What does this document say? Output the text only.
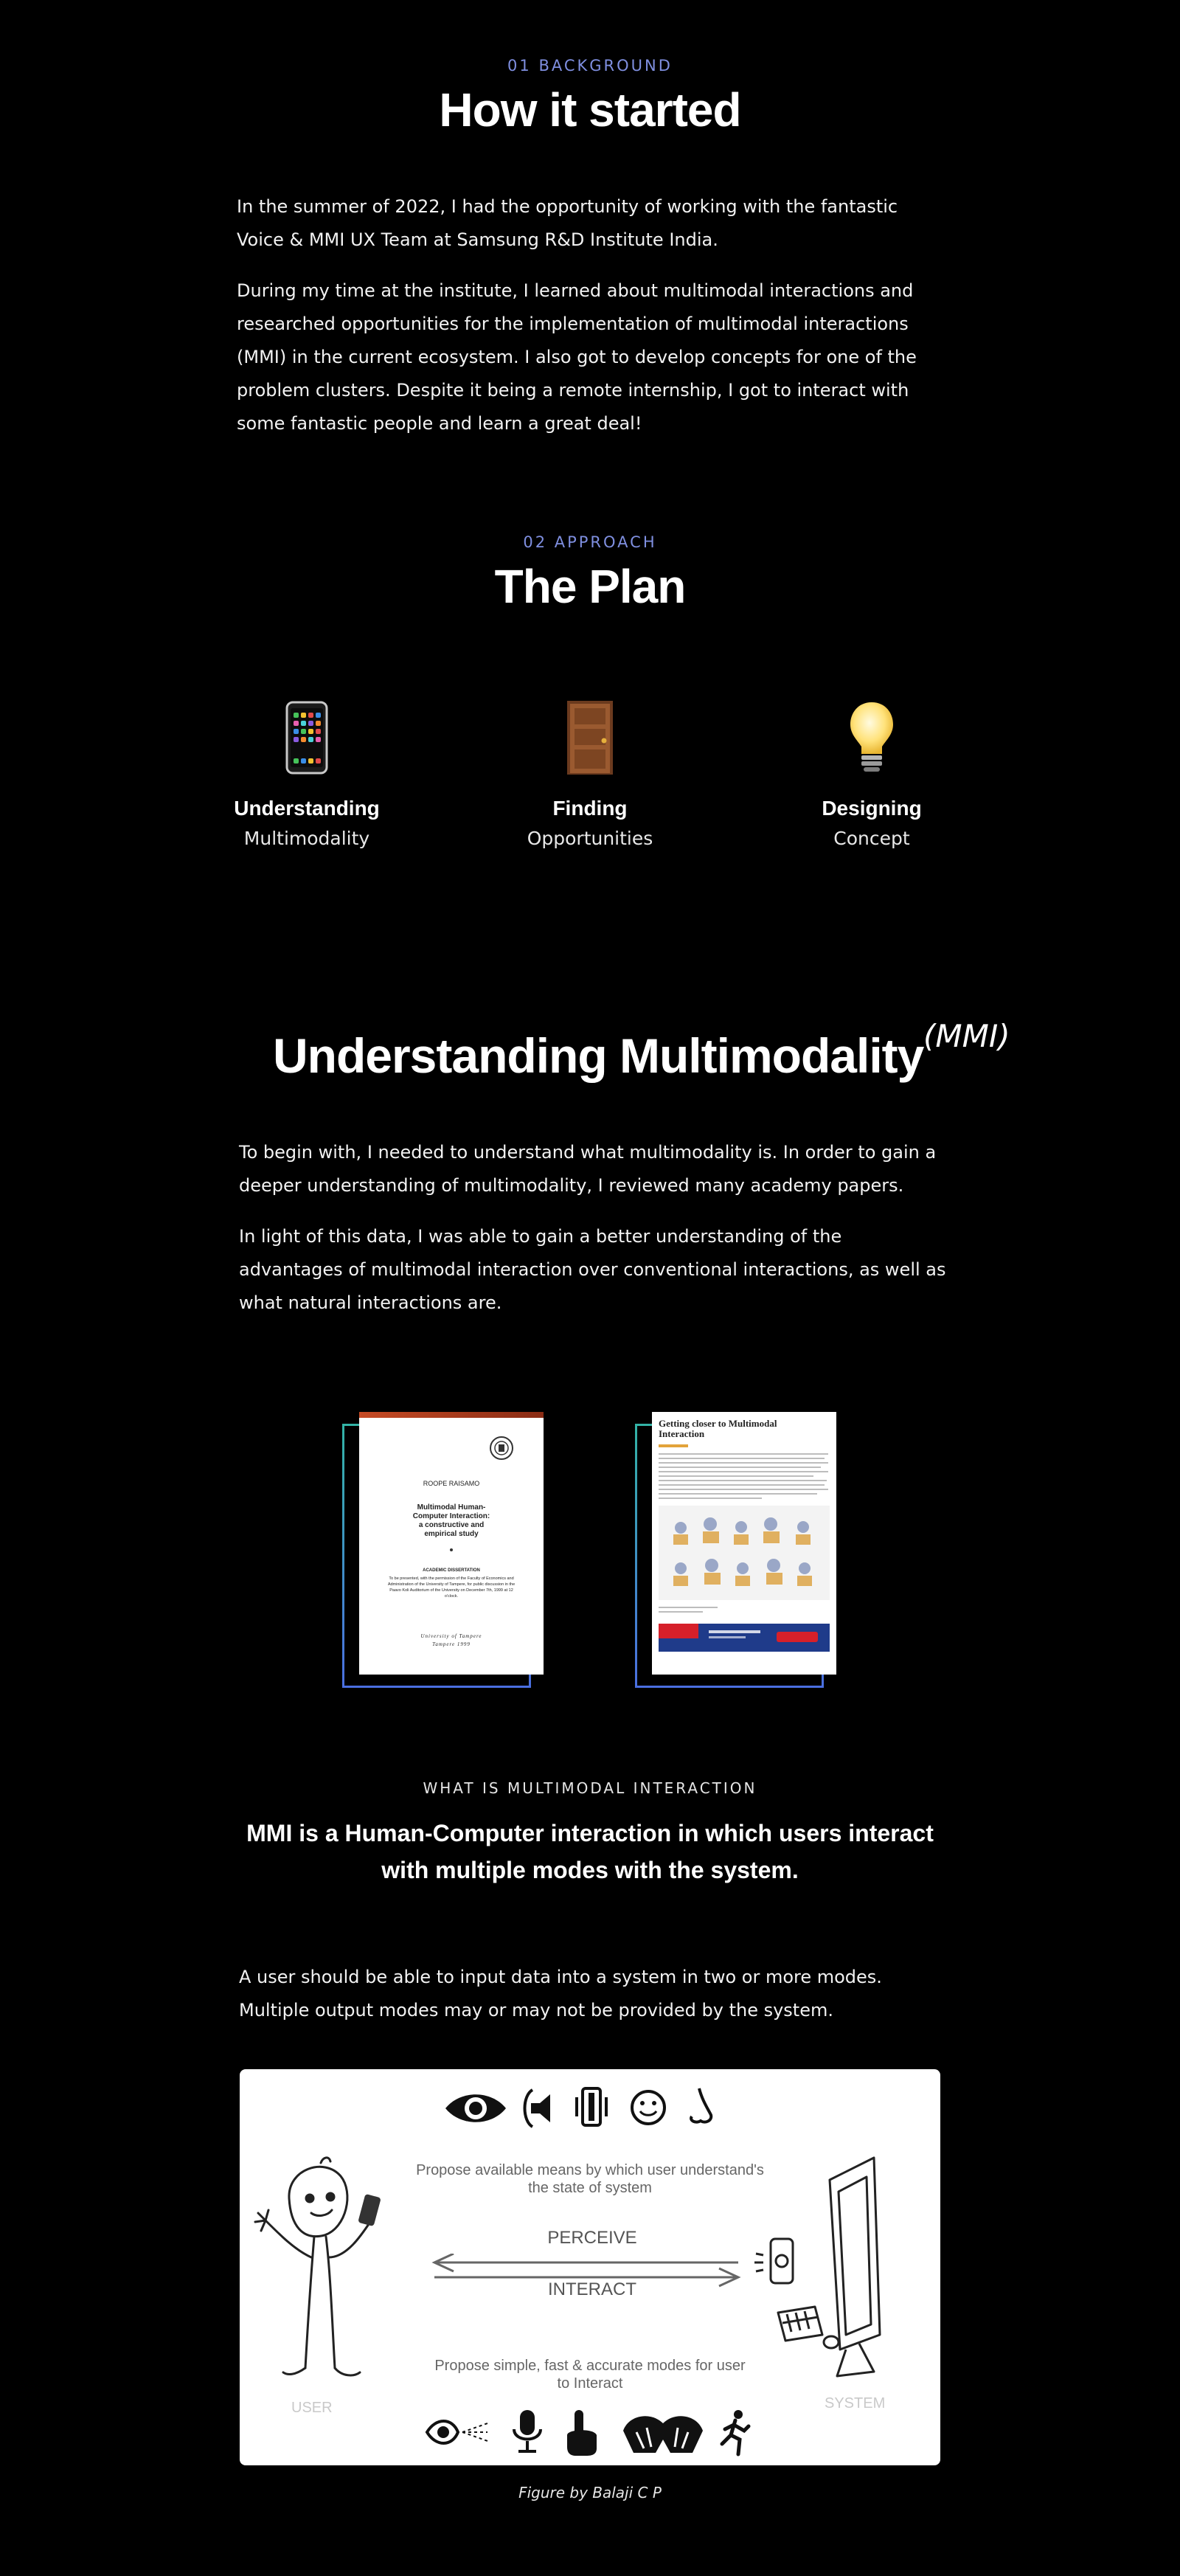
01 BACKGROUND
How it started
In the summer of 2022, I had the opportunity of working with the fantastic Voice & MMI UX Team at Samsung R&D Institute India.
During my time at the institute, I learned about multimodal interactions and researched opportunities for the implementation of multimodal interactions (MMI) in the current ecosystem. I also got to develop concepts for one of the problem clusters. Despite it being a remote internship, I got to interact with some fantastic people and learn a great deal!
02 APPROACH
The Plan
Understanding
Multimodality
Finding
Opportunities
Designing
Concept
Understanding Multimodality (MMI)
To begin with, I needed to understand what multimodality is. In order to gain a deeper understanding of multimodality, I reviewed many academy papers.
In light of this data, I was able to gain a better understanding of the advantages of multimodal interaction over conventional interactions, as well as what natural interactions are.
ROOPE RAISAMO
Multimodal Human-Computer Interaction: a constructive and empirical study
ACADEMIC DISSERTATION
To be presented, with the permission of the Faculty of Economics and Administration of the University of Tampere, for public discussion in the Paavo Koli Auditorium of the University on December 7th, 1999 at 12 o'clock.
University of Tampere
Tampere 1999
Getting closer to Multimodal Interaction
WHAT IS MULTIMODAL INTERACTION
MMI is a Human-Computer interaction in which users interact with multiple modes with the system.
A user should be able to input data into a system in two or more modes. Multiple output modes may or may not be provided by the system.
Propose available means by which user understand's the state of system
USER
PERCEIVE
INTERACT
SYSTEM
Propose simple, fast & accurate modes for user to Interact
Figure by Balaji C P
